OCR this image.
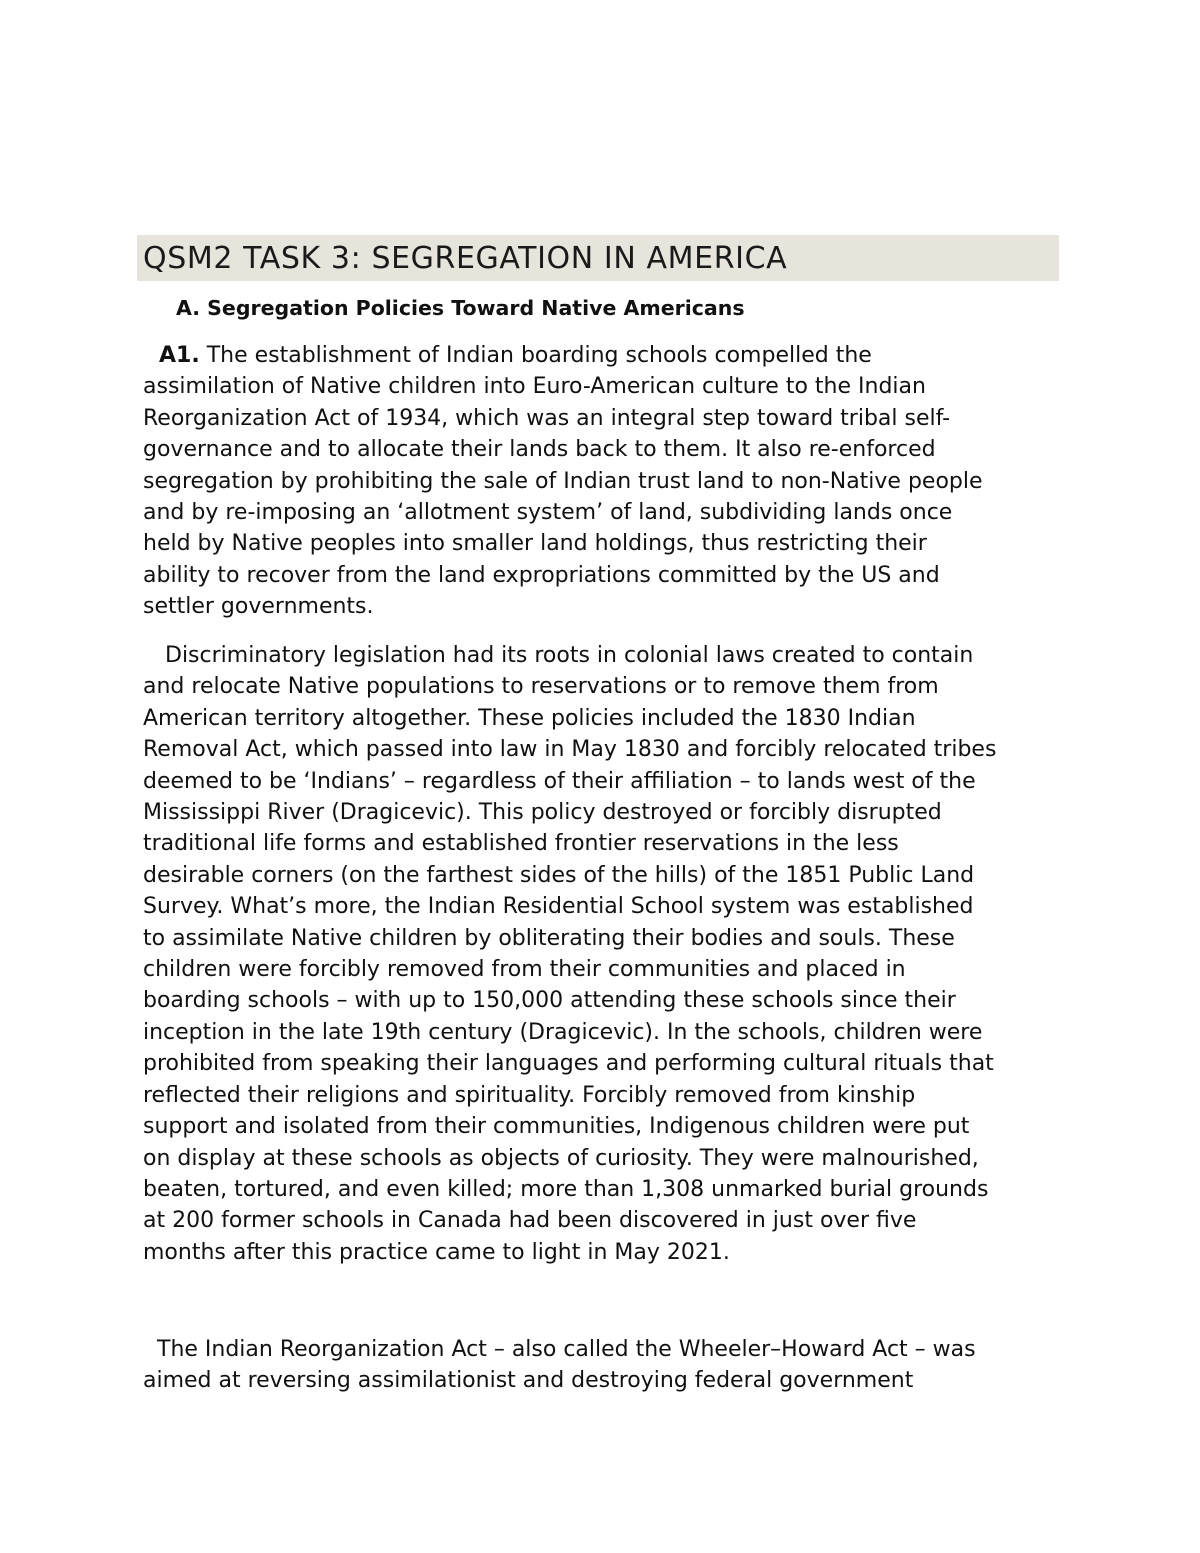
QSM2 TASK 3: SEGREGATION IN AMERICA
A. Segregation Policies Toward Native Americans
A1. The establishment of Indian boarding schools compelled the
assimilation of Native children into Euro-American culture to the Indian
Reorganization Act of 1934, which was an integral step toward tribal self-
governance and to allocate their lands back to them. It also re-enforced
segregation by prohibiting the sale of Indian trust land to non-Native people
and by re-imposing an ‘allotment system’ of land, subdividing lands once
held by Native peoples into smaller land holdings, thus restricting their
ability to recover from the land expropriations committed by the US and
settler governments.
Discriminatory legislation had its roots in colonial laws created to contain
and relocate Native populations to reservations or to remove them from
American territory altogether. These policies included the 1830 Indian
Removal Act, which passed into law in May 1830 and forcibly relocated tribes
deemed to be ‘Indians’ – regardless of their affiliation – to lands west of the
Mississippi River (Dragicevic). This policy destroyed or forcibly disrupted
traditional life forms and established frontier reservations in the less
desirable corners (on the farthest sides of the hills) of the 1851 Public Land
Survey. What’s more, the Indian Residential School system was established
to assimilate Native children by obliterating their bodies and souls. These
children were forcibly removed from their communities and placed in
boarding schools – with up to 150,000 attending these schools since their
inception in the late 19th century (Dragicevic). In the schools, children were
prohibited from speaking their languages and performing cultural rituals that
reflected their religions and spirituality. Forcibly removed from kinship
support and isolated from their communities, Indigenous children were put
on display at these schools as objects of curiosity. They were malnourished,
beaten, tortured, and even killed; more than 1,308 unmarked burial grounds
at 200 former schools in Canada had been discovered in just over five
months after this practice came to light in May 2021.
The Indian Reorganization Act – also called the Wheeler–Howard Act – was
aimed at reversing assimilationist and destroying federal government
